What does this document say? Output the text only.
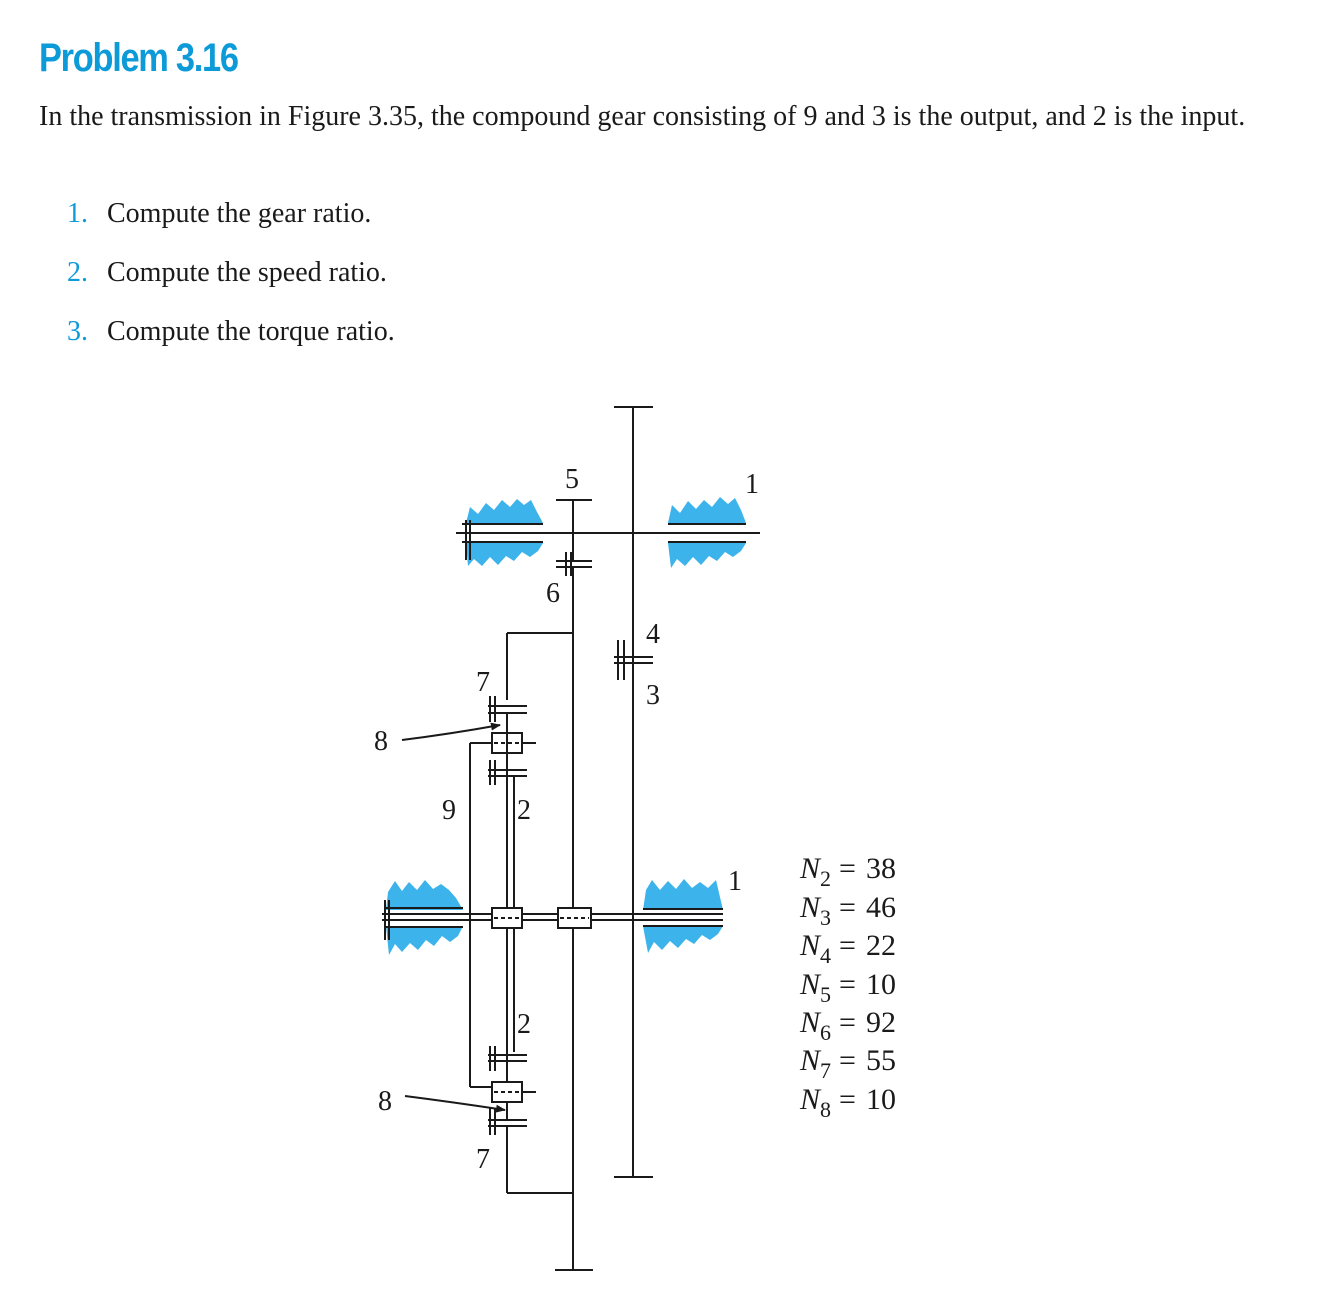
Problem 3.16

In the transmission in Figure 3.35, the compound gear consisting of 9 and 3 is the output, and 2 is the input.

1. Compute the gear ratio.
2. Compute the speed ratio.
3. Compute the torque ratio.
5	1
6
4
3
7
8
9 2
1
2
8
7
$N_2 = 38$
$N_3 = 46$
$N_4 = 22$
$N_5 = 10$
$N_6 = 92$
$N_7 = 55$
$N_8 = 10$
